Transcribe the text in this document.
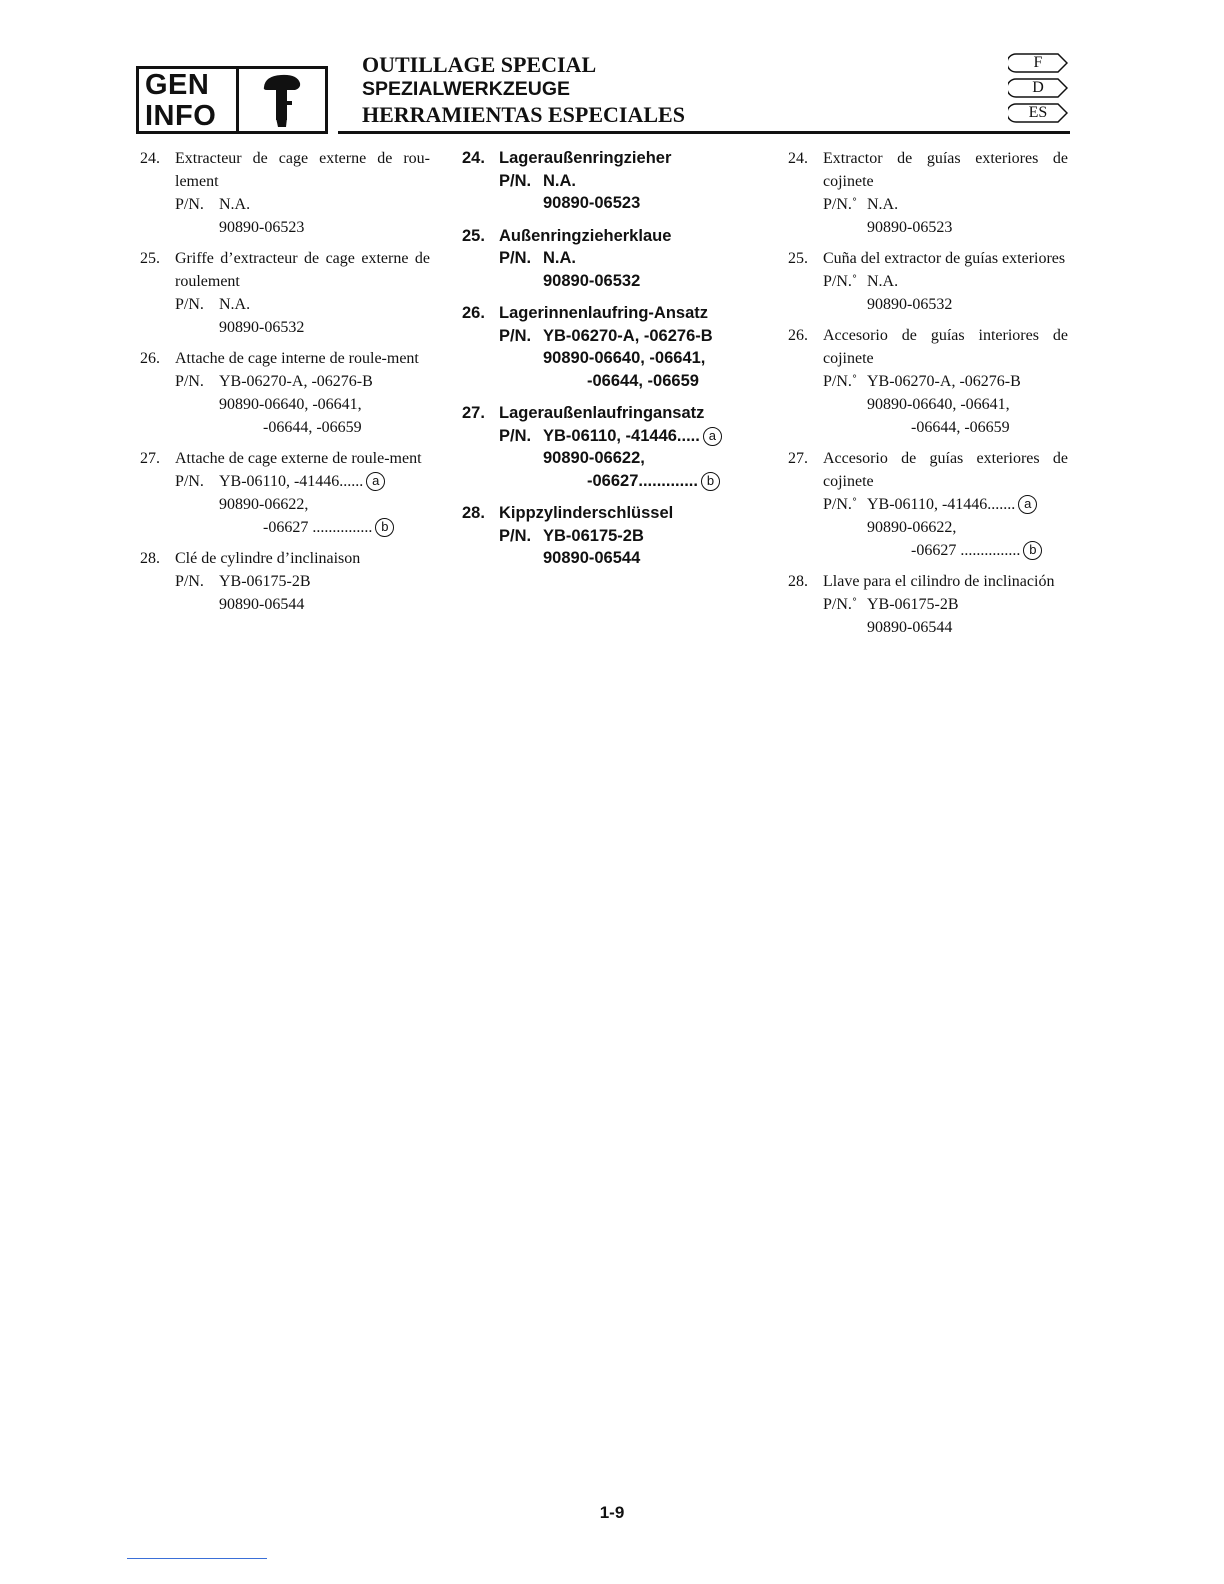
GEN
INFO
OUTILLAGE SPECIAL
SPEZIALWERKZEUGE
HERRAMIENTAS ESPECIALES
F
D
ES
24. Extracteur de cage externe de rou-lement
P/N. N.A.
90890-06523
25. Griffe d’extracteur de cage externe de roulement
P/N. N.A.
90890-06532
26. Attache de cage interne de roule-ment
P/N. YB-06270-A, -06276-B
90890-06640, -06641,
-06644, -06659
27. Attache de cage externe de roule-ment
P/N. YB-06110, -41446...... a
90890-06622,
-06627 ............... b
28. Clé de cylindre d’inclinaison
P/N. YB-06175-2B
90890-06544
24. Lageraußenringzieher
P/N. N.A.
90890-06523
25. Außenringzieherklaue
P/N. N.A.
90890-06532
26. Lagerinnenlaufring-Ansatz
P/N. YB-06270-A, -06276-B
90890-06640, -06641,
-06644, -06659
27. Lageraußenlaufringansatz
P/N. YB-06110, -41446..... a
90890-06622,
-06627............. b
28. Kippzylinderschlüssel
P/N. YB-06175-2B
90890-06544
24. Extractor de guías exteriores de cojinete
P/N.˚ N.A.
90890-06523
25. Cuña del extractor de guías exteriores
P/N.˚ N.A.
90890-06532
26. Accesorio de guías interiores de cojinete
P/N.˚ YB-06270-A, -06276-B
90890-06640, -06641,
-06644, -06659
27. Accesorio de guías exteriores de cojinete
P/N.˚ YB-06110, -41446....... a
90890-06622,
-06627 ............... b
28. Llave para el cilindro de inclinación
P/N.˚ YB-06175-2B
90890-06544
1-9
